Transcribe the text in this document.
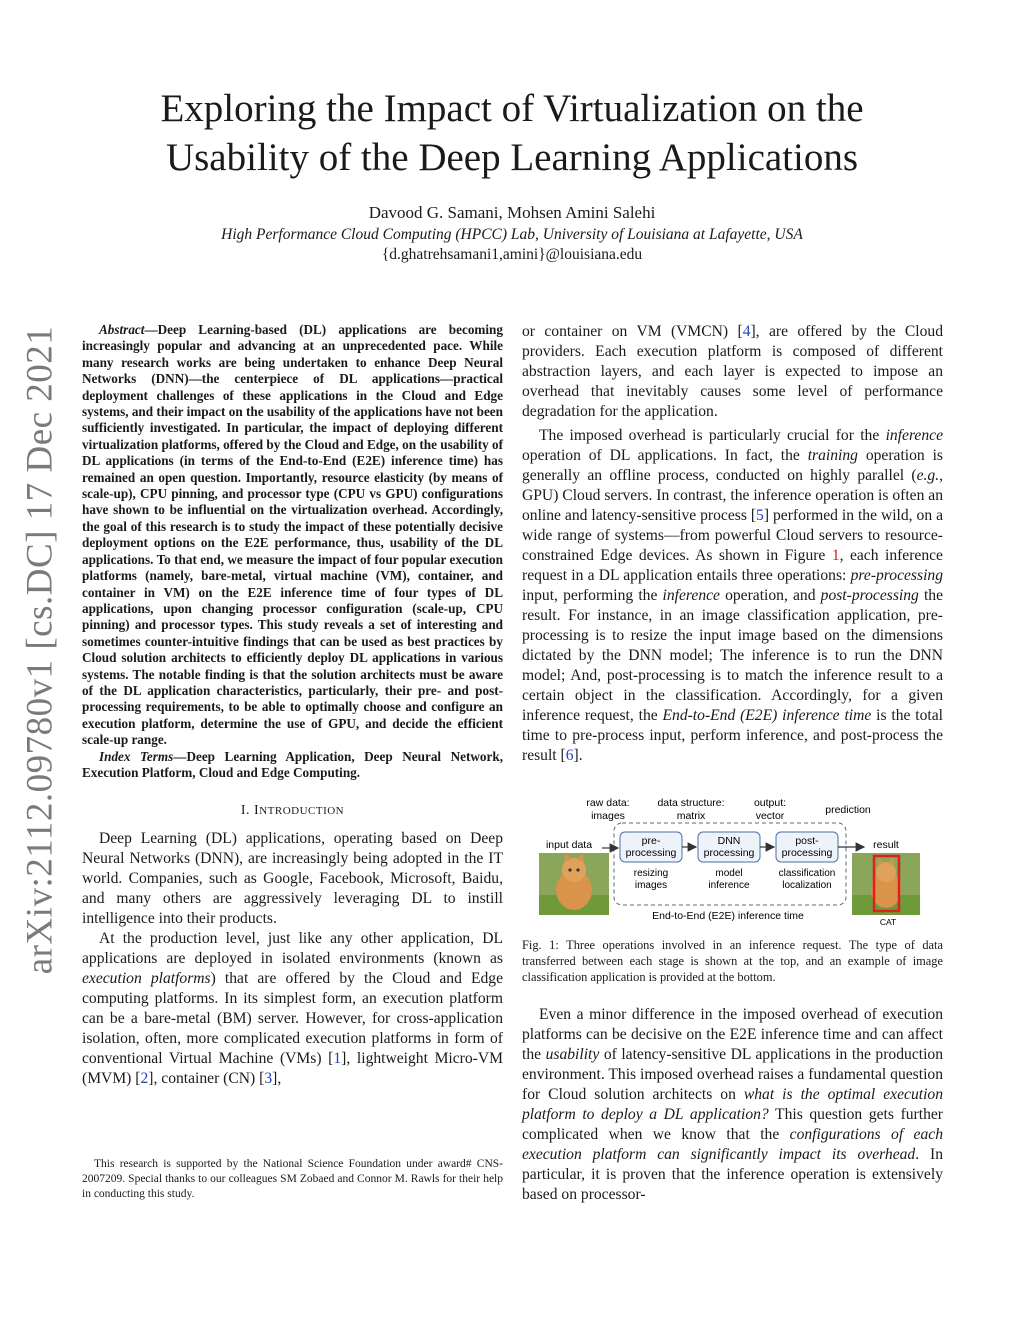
arXiv:2112.09780v1 [cs.DC] 17 Dec 2021
Exploring the Impact of Virtualization on the
Usability of the Deep Learning Applications
Davood G. Samani, Mohsen Amini Salehi
High Performance Cloud Computing (HPCC) Lab, University of Louisiana at Lafayette, USA
{d.ghatrehsamani1,amini}@louisiana.edu

Abstract—Deep Learning-based (DL) applications are becoming increasingly popular and advancing at an unprecedented pace. While many research works are being undertaken to enhance Deep Neural Networks (DNN)—the centerpiece of DL applications—practical deployment challenges of these applications in the Cloud and Edge systems, and their impact on the usability of the applications have not been sufficiently investigated. In particular, the impact of deploying different virtualization platforms, offered by the Cloud and Edge, on the usability of DL applications (in terms of the End-to-End (E2E) inference time) has remained an open question. Importantly, resource elasticity (by means of scale-up), CPU pinning, and processor type (CPU vs GPU) configurations have shown to be influential on the virtualization overhead. Accordingly, the goal of this research is to study the impact of these potentially decisive deployment options on the E2E performance, thus, usability of the DL applications. To that end, we measure the impact of four popular execution platforms (namely, bare-metal, virtual machine (VM), container, and container in VM) on the E2E inference time of four types of DL applications, upon changing processor configuration (scale-up, CPU pinning) and processor types. This study reveals a set of interesting and sometimes counter-intuitive findings that can be used as best practices by Cloud solution architects to efficiently deploy DL applications in various systems. The notable finding is that the solution architects must be aware of the DL application characteristics, particularly, their pre- and post-processing requirements, to be able to optimally choose and configure an execution platform, determine the use of GPU, and decide the efficient scale-up range.

Index Terms—Deep Learning Application, Deep Neural Network, Execution Platform, Cloud and Edge Computing.

I. INTRODUCTION

Deep Learning (DL) applications, operating based on Deep Neural Networks (DNN), are increasingly being adopted in the IT world. Companies, such as Google, Facebook, Microsoft, Baidu, and many others are aggressively leveraging DL to instill intelligence into their products.

At the production level, just like any other application, DL applications are deployed in isolated environments (known as execution platforms) that are offered by the Cloud and Edge computing platforms. In its simplest form, an execution platform can be a bare-metal (BM) server. However, for cross-application isolation, often, more complicated execution platforms in form of conventional Virtual Machine (VMs) [1], lightweight Micro-VM (MVM) [2], container (CN) [3],

This research is supported by the National Science Foundation under award# CNS-2007209. Special thanks to our colleagues SM Zobaed and Connor M. Rawls for their help in conducting this study.

or container on VM (VMCN) [4], are offered by the Cloud providers. Each execution platform is composed of different abstraction layers, and each layer is expected to impose an overhead that inevitably causes some level of performance degradation for the application.

The imposed overhead is particularly crucial for the inference operation of DL applications. In fact, the training operation is generally an offline process, conducted on highly parallel (e.g., GPU) Cloud servers. In contrast, the inference operation is often an online and latency-sensitive process [5] performed in the wild, on a wide range of systems—from powerful Cloud servers to resource-constrained Edge devices. As shown in Figure 1, each inference request in a DL application entails three operations: pre-processing input, performing the inference operation, and post-processing the result. For instance, in an image classification application, pre-processing is to resize the input image based on the dimensions dictated by the DNN model; The inference is to run the DNN model; And, post-processing is to match the inference result to a certain object in the classification. Accordingly, for a given inference request, the End-to-End (E2E) inference time is the total time to pre-process input, perform inference, and post-process the result [6].

raw data:
images
data structure:
matrix
output:
vector	prediction
input data	pre-
processing
resizing
images
DNN
processing
model
inference
post-
processing
classification
localization
End-to-End (E2E) inference time
result
CAT
Fig. 1: Three operations involved in an inference request. The type of data transferred between each stage is shown at the top, and an example of image classification application is provided at the bottom.

Even a minor difference in the imposed overhead of execution platforms can be decisive on the E2E inference time and can affect the usability of latency-sensitive DL applications in the production environment. This imposed overhead raises a fundamental question for Cloud solution architects on what is the optimal execution platform to deploy a DL application? This question gets further complicated when we know that the configurations of each execution platform can significantly impact its overhead. In particular, it is proven that the inference operation is extensively based on processor-
